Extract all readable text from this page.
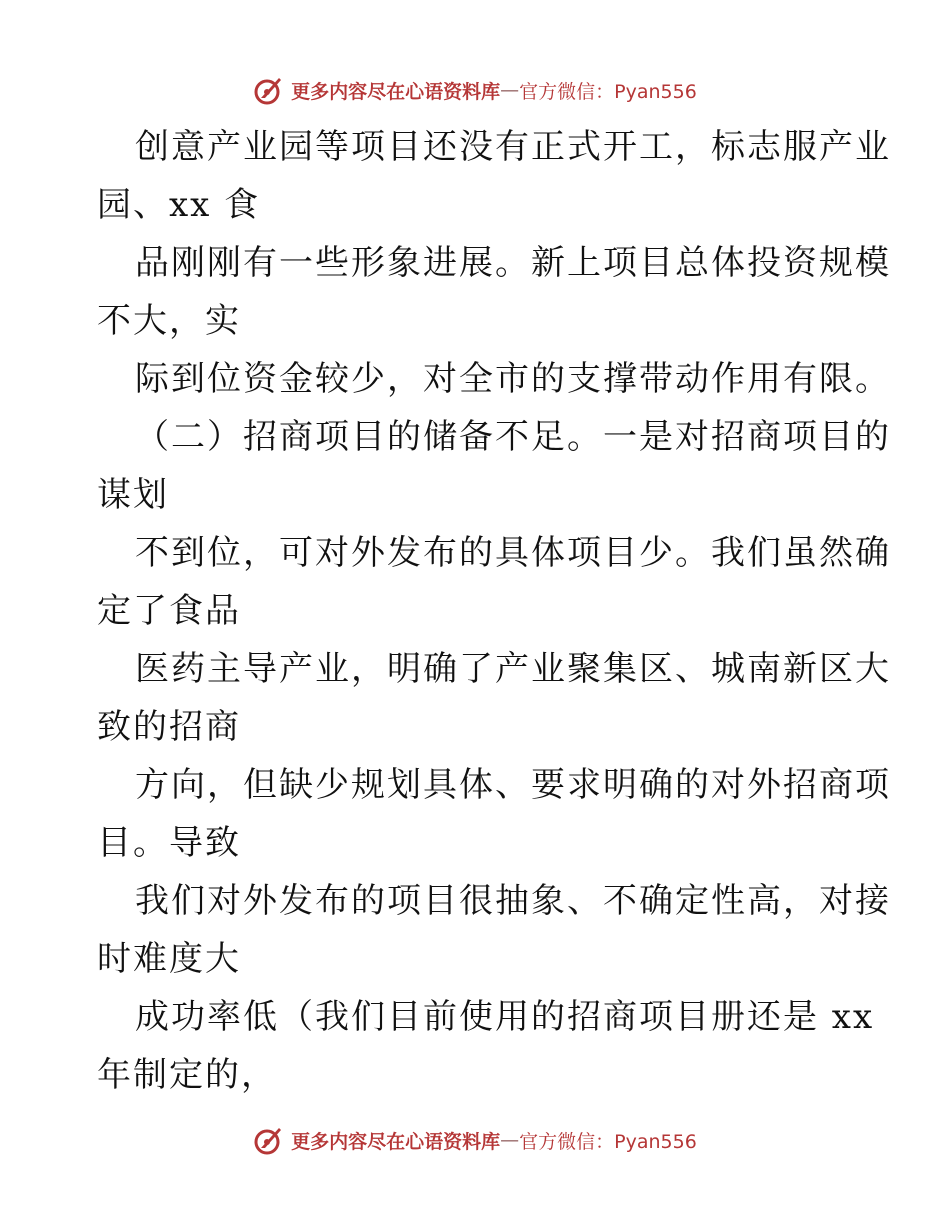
更多内容尽在心语资料库 — 官方微信：Pyan556
创意产业园等项目还没有正式开工，标志服产业
园、xx 食
品刚刚有一些形象进展。新上项目总体投资规模
不大，实
际到位资金较少，对全市的支撑带动作用有限。
（二）招商项目的储备不足。一是对招商项目的
谋划
不到位，可对外发布的具体项目少。我们虽然确
定了食品
医药主导产业，明确了产业聚集区、城南新区大
致的招商
方向，但缺少规划具体、要求明确的对外招商项
目。导致
我们对外发布的项目很抽象、不确定性高，对接
时难度大
成功率低（我们目前使用的招商项目册还是 xx
年制定的，
更多内容尽在心语资料库 — 官方微信：Pyan556
